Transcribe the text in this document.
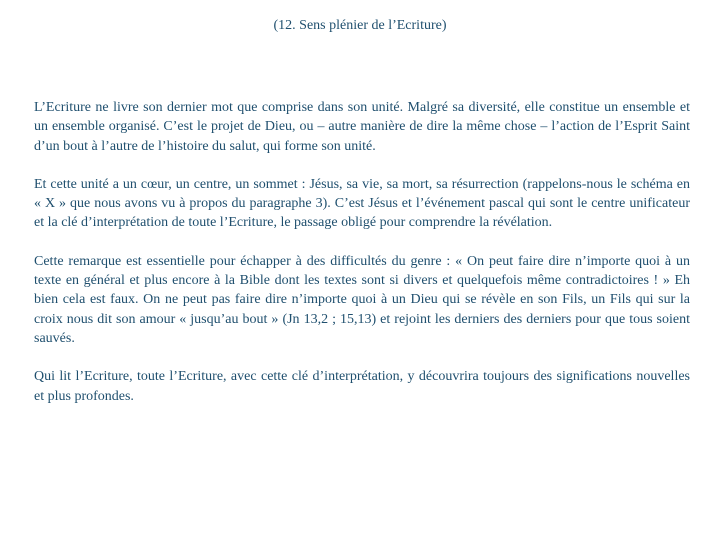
(12. Sens plénier de l’Ecriture)

L’Ecriture ne livre son dernier mot que comprise dans son unité. Malgré sa diversité, elle constitue un ensemble et un ensemble organisé. C’est le projet de Dieu, ou – autre manière de dire la même chose – l’action de l’Esprit Saint d’un bout à l’autre de l’histoire du salut, qui forme son unité.

Et cette unité a un cœur, un centre, un sommet : Jésus, sa vie, sa mort, sa résurrection (rappelons-nous le schéma en « X » que nous avons vu à propos du paragraphe 3). C’est Jésus et l’événement pascal qui sont le centre unificateur et la clé d’interprétation de toute l’Ecriture, le passage obligé pour comprendre la révélation.

Cette remarque est essentielle pour échapper à des difficultés du genre : « On peut faire dire n’importe quoi à un texte en général et plus encore à la Bible dont les textes sont si divers et quelquefois même contradictoires ! » Eh bien cela est faux. On ne peut pas faire dire n’importe quoi à un Dieu qui se révèle en son Fils, un Fils qui sur la croix nous dit son amour « jusqu’au bout » (Jn 13,2 ; 15,13) et rejoint les derniers des derniers pour que tous soient sauvés.

Qui lit l’Ecriture, toute l’Ecriture, avec cette clé d’interprétation, y découvrira toujours des significations nouvelles et plus profondes.
